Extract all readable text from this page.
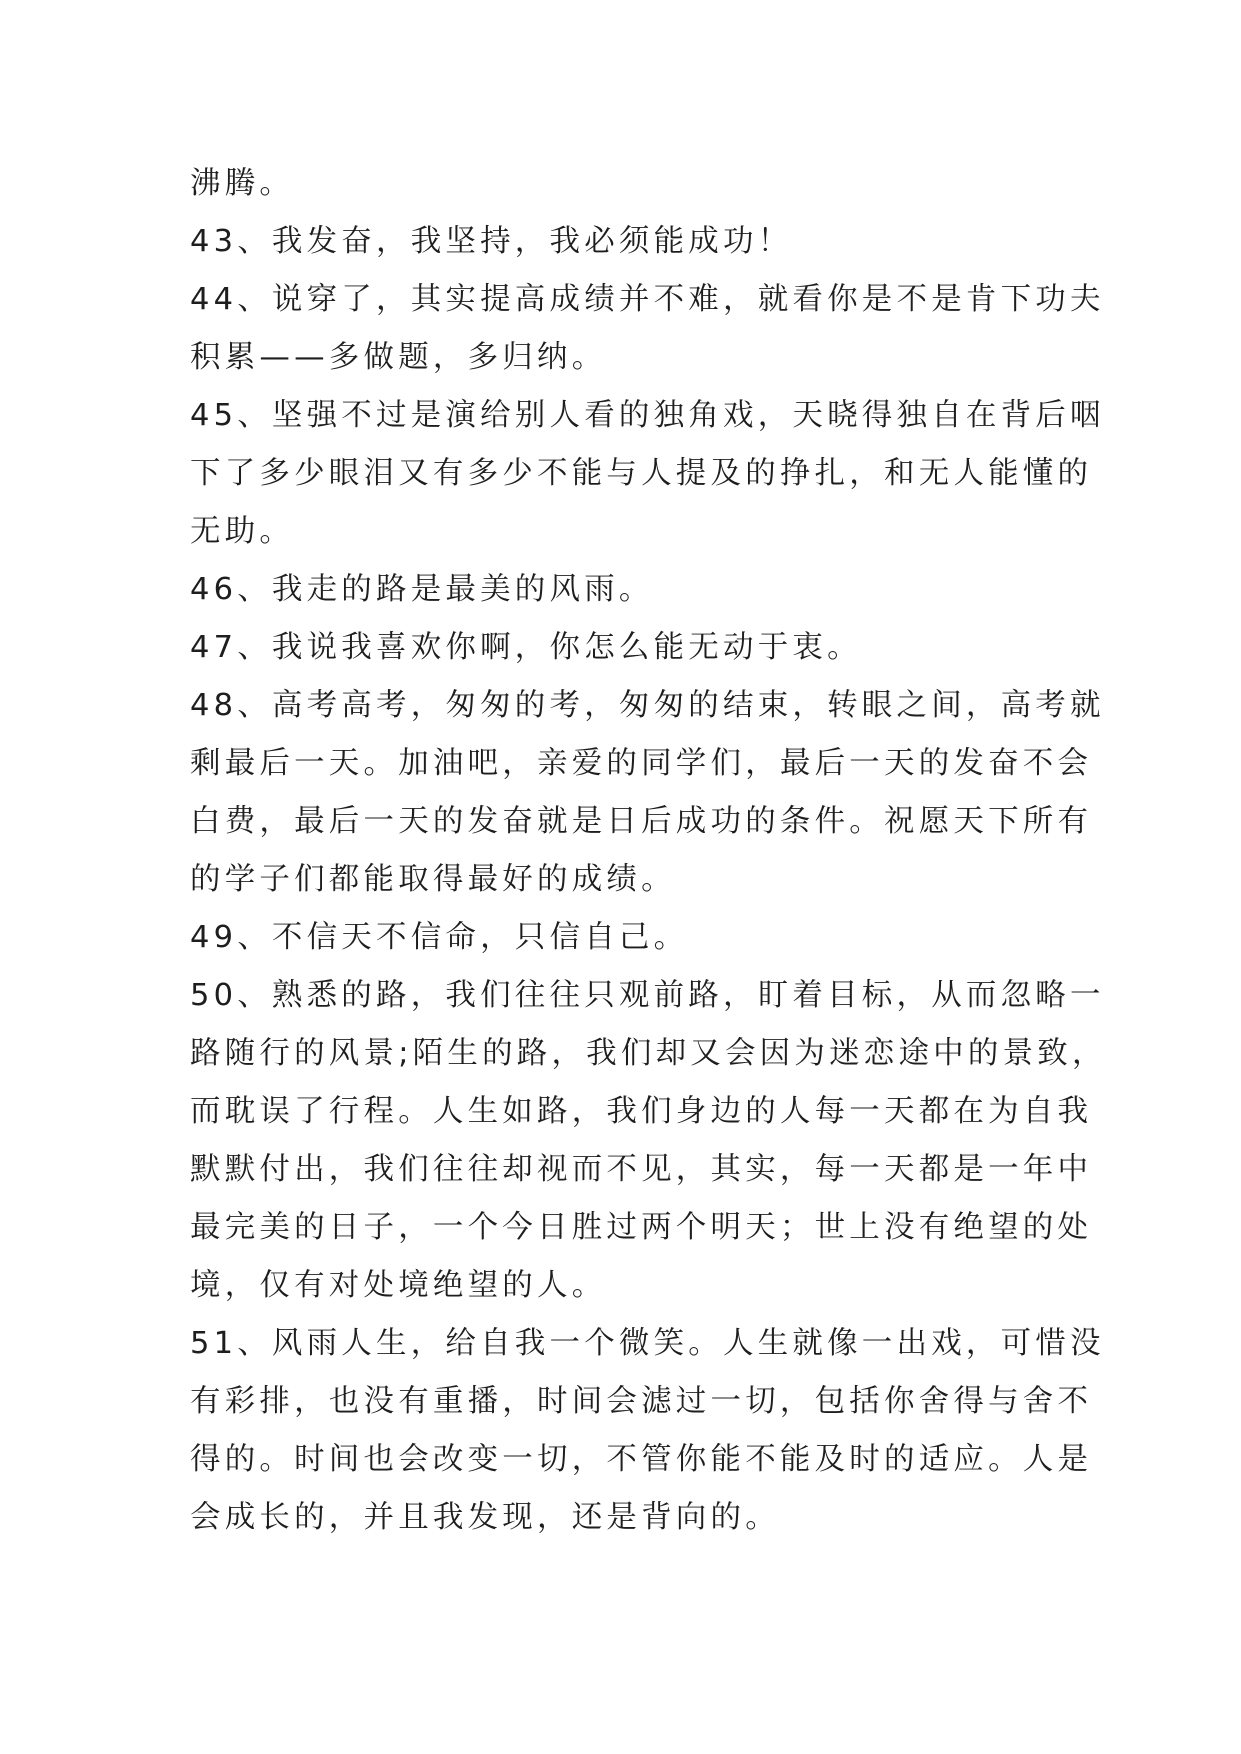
沸腾。
43、我发奋，我坚持，我必须能成功！
44、说穿了，其实提高成绩并不难，就看你是不是肯下功夫
积累——多做题，多归纳。
45、坚强不过是演给别人看的独角戏，天晓得独自在背后咽
下了多少眼泪又有多少不能与人提及的挣扎，和无人能懂的
无助。
46、我走的路是最美的风雨。
47、我说我喜欢你啊，你怎么能无动于衷。
48、高考高考，匆匆的考，匆匆的结束，转眼之间，高考就
剩最后一天。加油吧，亲爱的同学们，最后一天的发奋不会
白费，最后一天的发奋就是日后成功的条件。祝愿天下所有
的学子们都能取得最好的成绩。
49、不信天不信命，只信自己。
50、熟悉的路，我们往往只观前路，盯着目标，从而忽略一
路随行的风景;陌生的路，我们却又会因为迷恋途中的景致，
而耽误了行程。人生如路，我们身边的人每一天都在为自我
默默付出，我们往往却视而不见，其实，每一天都是一年中
最完美的日子，一个今日胜过两个明天；世上没有绝望的处
境，仅有对处境绝望的人。
51、风雨人生，给自我一个微笑。人生就像一出戏，可惜没
有彩排，也没有重播，时间会滤过一切，包括你舍得与舍不
得的。时间也会改变一切，不管你能不能及时的适应。人是
会成长的，并且我发现，还是背向的。
